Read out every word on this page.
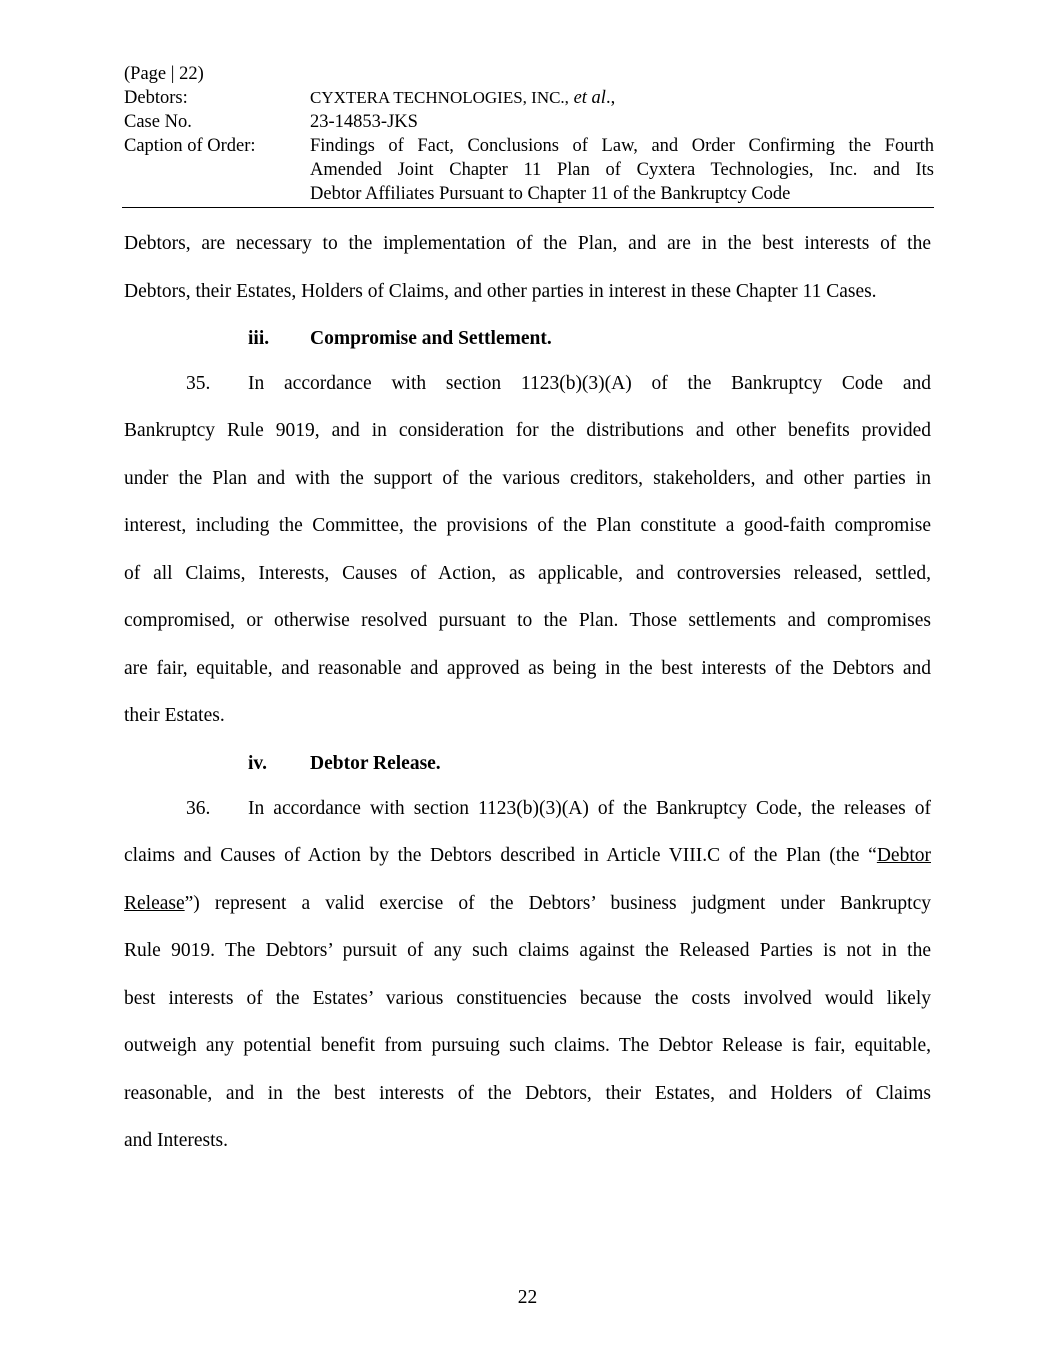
(Page | 22)
Debtors:	CYXTERA TECHNOLOGIES, INC., et al.,
Case No.	23-14853-JKS
Caption of Order:	Findings of Fact, Conclusions of Law, and Order Confirming the Fourth
Amended Joint Chapter 11 Plan of Cyxtera Technologies, Inc. and Its
Debtor Affiliates Pursuant to Chapter 11 of the Bankruptcy Code
Debtors, are necessary to the implementation of the Plan, and are in the best interests of the
Debtors, their Estates, Holders of Claims, and other parties in interest in these Chapter 11 Cases.
iii. Compromise and Settlement.
35. In accordance with section 1123(b)(3)(A) of the Bankruptcy Code and
Bankruptcy Rule 9019, and in consideration for the distributions and other benefits provided
under the Plan and with the support of the various creditors, stakeholders, and other parties in
interest, including the Committee, the provisions of the Plan constitute a good-faith compromise
of all Claims, Interests, Causes of Action, as applicable, and controversies released, settled,
compromised, or otherwise resolved pursuant to the Plan. Those settlements and compromises
are fair, equitable, and reasonable and approved as being in the best interests of the Debtors and
their Estates.
iv. Debtor Release.
36. In accordance with section 1123(b)(3)(A) of the Bankruptcy Code, the releases of
claims and Causes of Action by the Debtors described in Article VIII.C of the Plan (the “Debtor
Release”) represent a valid exercise of the Debtors’ business judgment under Bankruptcy
Rule 9019. The Debtors’ pursuit of any such claims against the Released Parties is not in the
best interests of the Estates’ various constituencies because the costs involved would likely
outweigh any potential benefit from pursuing such claims. The Debtor Release is fair, equitable,
reasonable, and in the best interests of the Debtors, their Estates, and Holders of Claims
and Interests.
22
